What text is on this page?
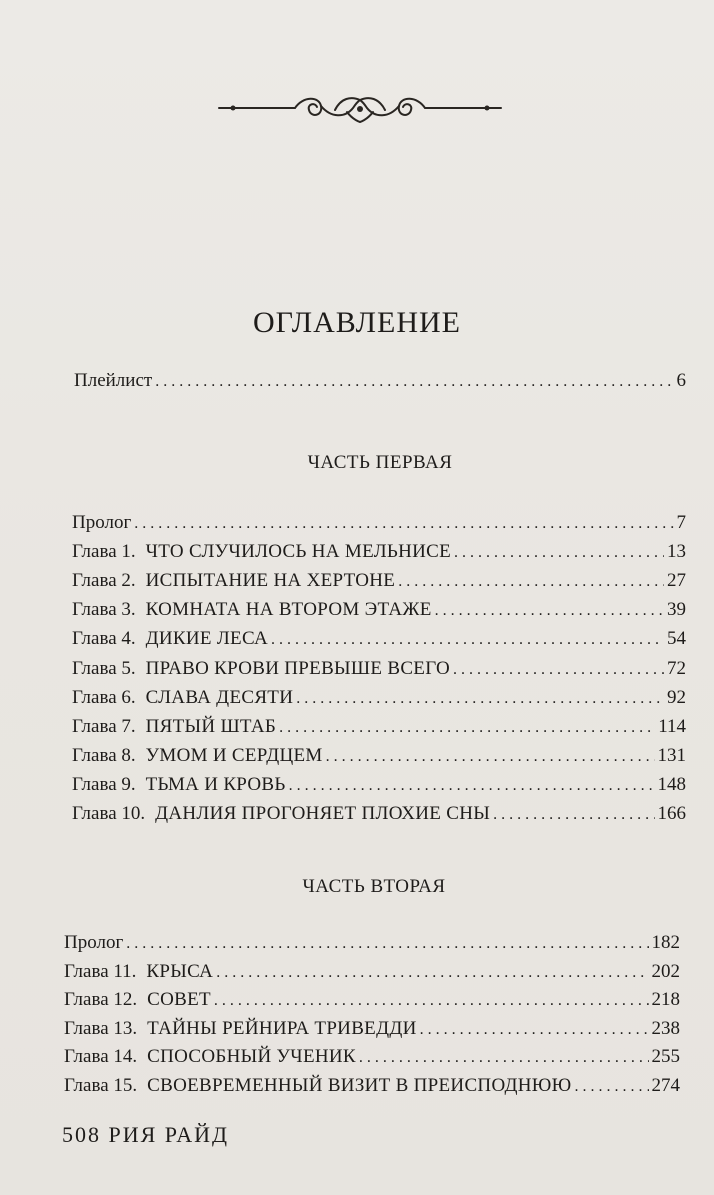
ОГЛАВЛЕНИЕ
Плейлист . . .	6
ЧАСТЬ ПЕРВАЯ
Пролог . . .	7
Глава 1. ЧТО СЛУЧИЛОСЬ НА МЕЛЬНИСЕ . . .	13
Глава 2. ИСПЫТАНИЕ НА ХЕРТОНЕ . . .	27
Глава 3. КОМНАТА НА ВТОРОМ ЭТАЖЕ . . .	39
Глава 4. ДИКИЕ ЛЕСА . . .	54
Глава 5. ПРАВО КРОВИ ПРЕВЫШЕ ВСЕГО . . .	72
Глава 6. СЛАВА ДЕСЯТИ . . .	92
Глава 7. ПЯТЫЙ ШТАБ . . .	114
Глава 8. УМОМ И СЕРДЦЕМ . . .	131
Глава 9. ТЬМА И КРОВЬ . . .	148
Глава 10. ДАНЛИЯ ПРОГОНЯЕТ ПЛОХИЕ СНЫ . . .	166
ЧАСТЬ ВТОРАЯ
Пролог . . .	182
Глава 11. КРЫСА . . .	202
Глава 12. СОВЕТ . . .	218
Глава 13. ТАЙНЫ РЕЙНИРА ТРИВЕДДИ . . .	238
Глава 14. СПОСОБНЫЙ УЧЕНИК . . .	255
Глава 15. СВОЕВРЕМЕННЫЙ ВИЗИТ В ПРЕИСПОДНЮЮ . . .	274
508 РИЯ РАЙД
